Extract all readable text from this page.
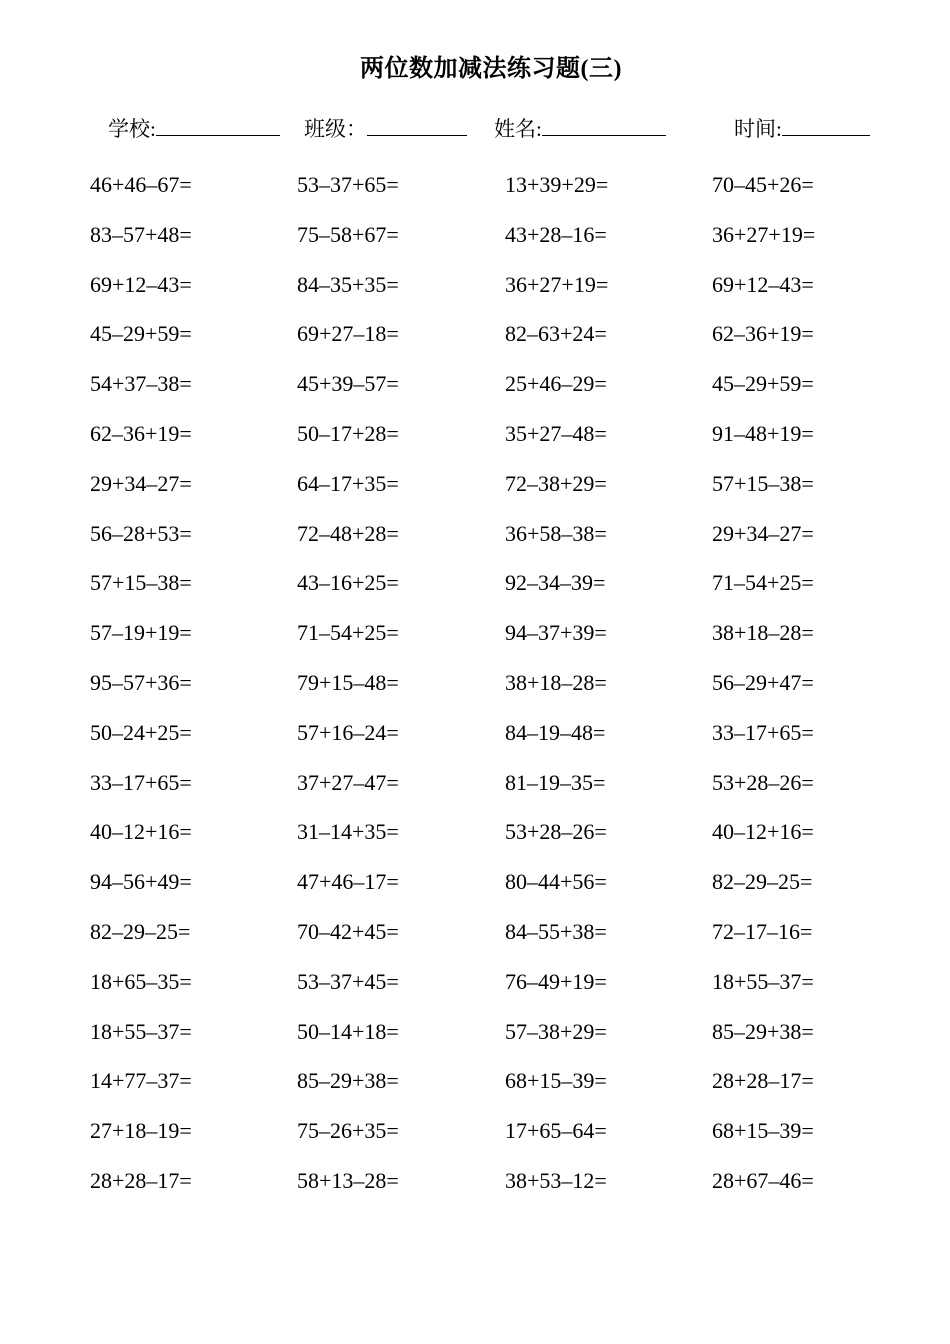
两位数加减法练习题(三)
学校:	班级：	姓名:	时间:
46+46–67=	53–37+65=	13+39+29=	70–45+26=
83–57+48=	75–58+67=	43+28–16=	36+27+19=
69+12–43=	84–35+35=	36+27+19=	69+12–43=
45–29+59=	69+27–18=	82–63+24=	62–36+19=
54+37–38=	45+39–57=	25+46–29=	45–29+59=
62–36+19=	50–17+28=	35+27–48=	91–48+19=
29+34–27=	64–17+35=	72–38+29=	57+15–38=
56–28+53=	72–48+28=	36+58–38=	29+34–27=
57+15–38=	43–16+25=	92–34–39=	71–54+25=
57–19+19=	71–54+25=	94–37+39=	38+18–28=
95–57+36=	79+15–48=	38+18–28=	56–29+47=
50–24+25=	57+16–24=	84–19–48=	33–17+65=
33–17+65=	37+27–47=	81–19–35=	53+28–26=
40–12+16=	31–14+35=	53+28–26=	40–12+16=
94–56+49=	47+46–17=	80–44+56=	82–29–25=
82–29–25=	70–42+45=	84–55+38=	72–17–16=
18+65–35=	53–37+45=	76–49+19=	18+55–37=
18+55–37=	50–14+18=	57–38+29=	85–29+38=
14+77–37=	85–29+38=	68+15–39=	28+28–17=
27+18–19=	75–26+35=	17+65–64=	68+15–39=
28+28–17=	58+13–28=	38+53–12=	28+67–46=
